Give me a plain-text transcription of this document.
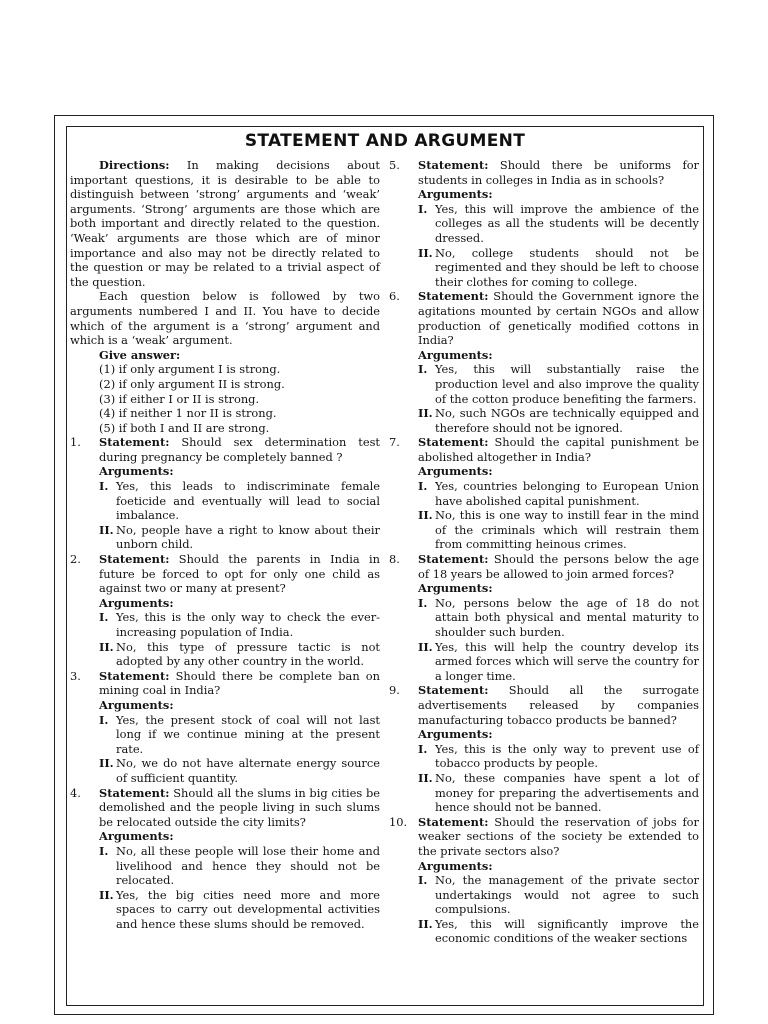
STATEMENT AND ARGUMENT
Directions: In making decisions about important questions, it is desirable to be able to distinguish between ‘strong’ arguments and ‘weak’ arguments. ‘Strong’ arguments are those which are both important and directly related to the question. ‘Weak’ arguments are those which are of minor importance and also may not be directly related to the question or may be related to a trivial aspect of the question.
Each question below is followed by two arguments numbered I and II. You have to decide which of the argument is a ‘strong’ argument and which is a ‘weak’ argument.
Give answer:
(1) if only argument I is strong.
(2) if only argument II is strong.
(3) if either I or II is strong.
(4) if neither 1 nor II is strong.
(5) if both I and II are strong.
1. Statement: Should sex determination test during pregnancy be completely banned ?
Arguments:
I. Yes, this leads to indiscriminate female foeticide and eventually will lead to social imbalance.
II. No, people have a right to know about their unborn child.
2. Statement: Should the parents in India in future be forced to opt for only one child as against two or many at present?
Arguments:
I. Yes, this is the only way to check the ever-increasing population of India.
II. No, this type of pressure tactic is not adopted by any other country in the world.
3. Statement: Should there be complete ban on mining coal in India?
Arguments:
I. Yes, the present stock of coal will not last long if we continue mining at the present rate.
II. No, we do not have alternate energy source of sufficient quantity.
4. Statement: Should all the slums in big cities be demolished and the people living in such slums be relocated outside the city limits?
Arguments:
I. No, all these people will lose their home and livelihood and hence they should not be relocated.
II. Yes, the big cities need more and more spaces to carry out developmental activities and hence these slums should be removed.
5. Statement: Should there be uniforms for students in colleges in India as in schools?
Arguments:
I. Yes, this will improve the ambience of the colleges as all the students will be decently dressed.
II. No, college students should not be regimented and they should be left to choose their clothes for coming to college.
6. Statement: Should the Government ignore the agitations mounted by certain NGOs and allow production of genetically modified cottons in India?
Arguments:
I. Yes, this will substantially raise the production level and also improve the quality of the cotton produce benefiting the farmers.
II. No, such NGOs are technically equipped and therefore should not be ignored.
7. Statement: Should the capital punishment be abolished altogether in India?
Arguments:
I. Yes, countries belonging to European Union have abolished capital punishment.
II. No, this is one way to instill fear in the mind of the criminals which will restrain them from committing heinous crimes.
8. Statement: Should the persons below the age of 18 years be allowed to join armed forces?
Arguments:
I. No, persons below the age of 18 do not attain both physical and mental maturity to shoulder such burden.
II. Yes, this will help the country develop its armed forces which will serve the country for a longer time.
9. Statement: Should all the surrogate advertisements released by companies manufacturing tobacco products be banned?
Arguments:
I. Yes, this is the only way to prevent use of tobacco products by people.
II. No, these companies have spent a lot of money for preparing the advertisements and hence should not be banned.
10. Statement: Should the reservation of jobs for weaker sections of the society be extended to the private sectors also?
Arguments:
I. No, the management of the private sector undertakings would not agree to such compulsions.
II. Yes, this will significantly improve the economic conditions of the weaker sections
